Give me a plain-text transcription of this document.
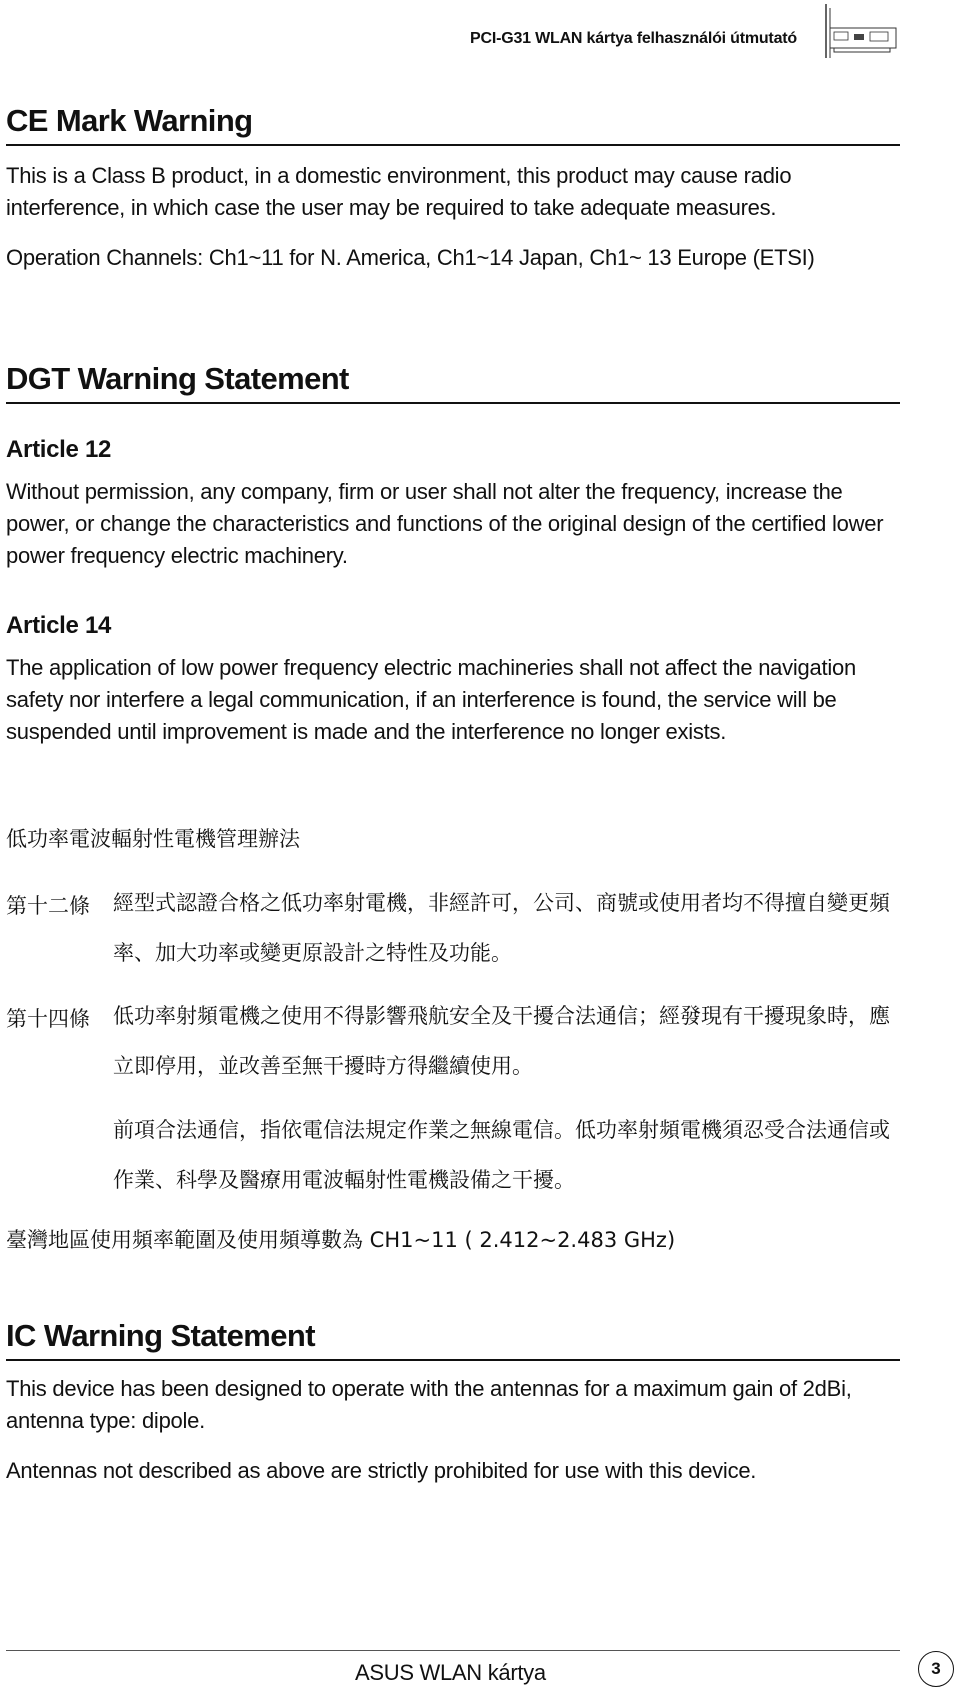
PCI-G31 WLAN kártya felhasználói útmutató
CE Mark Warning
This is a Class B product, in a domestic environment, this product may cause radio interference, in which case the user may be required to take adequate measures.
Operation Channels: Ch1~11 for N. America, Ch1~14 Japan, Ch1~ 13 Europe (ETSI)
DGT Warning Statement
Article 12
Without permission, any company, firm or user shall not alter the frequency, increase the power, or change the characteristics and functions of the original design of the certified lower power frequency electric machinery.
Article 14
The application of low power frequency electric machineries shall not affect the navigation safety nor interfere a legal communication, if an interference is found, the service will be suspended until improvement is made and the interference no longer exists.
低功率電波輻射性電機管理辦法
第十二條 經型式認證合格之低功率射電機，非經許可，公司、商號或使用者均不得擅自變更頻率、加大功率或變更原設計之特性及功能。
第十四條 低功率射頻電機之使用不得影響飛航安全及干擾合法通信；經發現有干擾現象時，應立即停用，並改善至無干擾時方得繼續使用。
前項合法通信，指依電信法規定作業之無線電信。低功率射頻電機須忍受合法通信或作業、科學及醫療用電波輻射性電機設備之干擾。
臺灣地區使用頻率範圍及使用頻導數為 CH1~11 ( 2.412~2.483 GHz)
IC Warning Statement
This device has been designed to operate with the antennas for a maximum gain of 2dBi, antenna type: dipole.
Antennas not described as above are strictly prohibited for use with this device.
ASUS WLAN kártya	3
